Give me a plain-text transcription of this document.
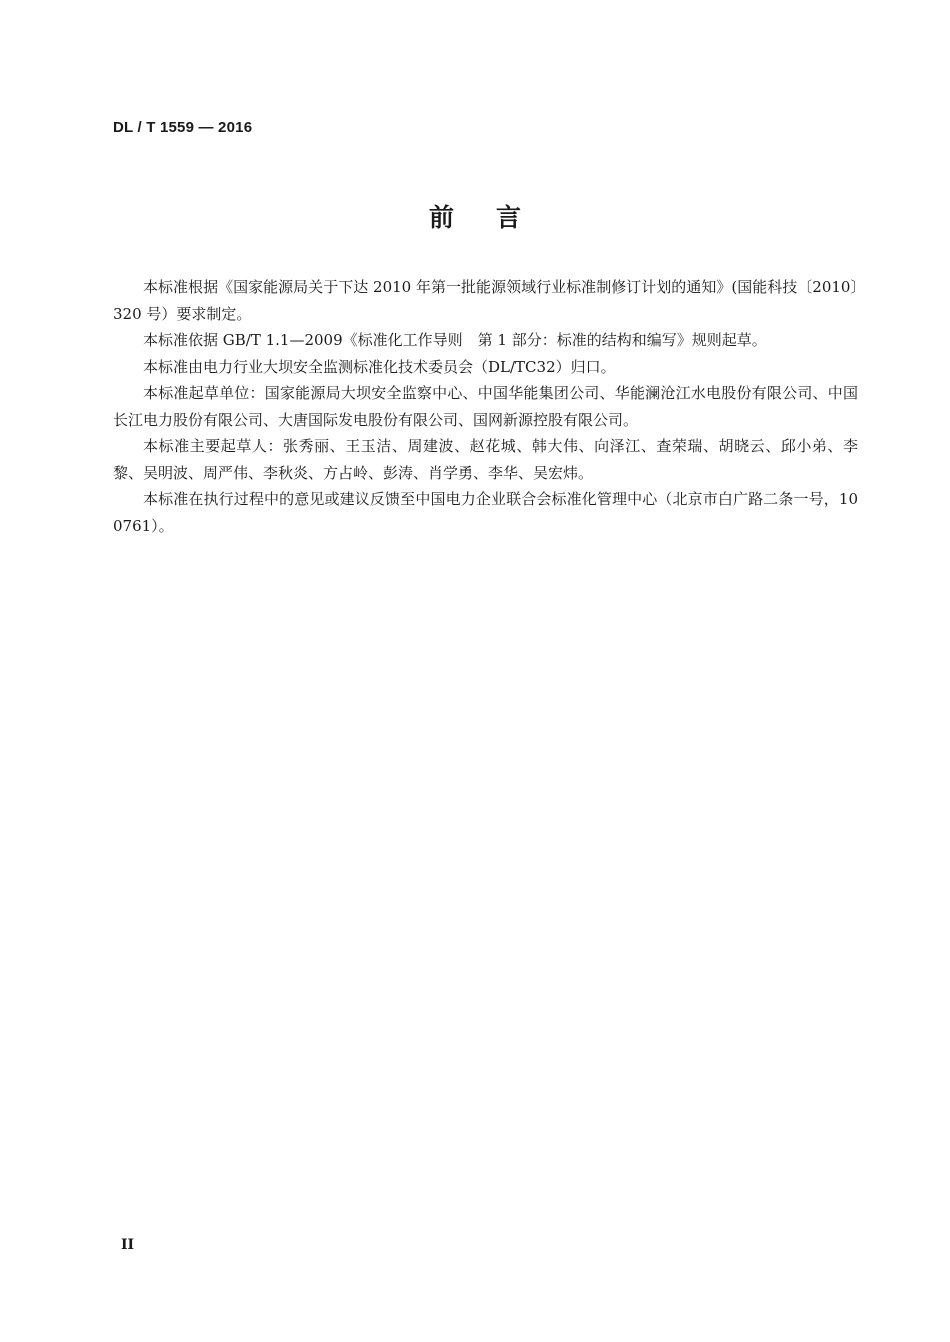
DL / T 1559 — 2016
前言

本标准根据《国家能源局关于下达 2010 年第一批能源领域行业标准制修订计划的通知》(国能科技〔2010〕320 号）要求制定。

本标准依据 GB/T 1.1—2009《标准化工作导则　第 1 部分：标准的结构和编写》规则起草。

本标准由电力行业大坝安全监测标准化技术委员会（DL/TC32）归口。

本标准起草单位：国家能源局大坝安全监察中心、中国华能集团公司、华能澜沧江水电股份有限公司、中国长江电力股份有限公司、大唐国际发电股份有限公司、国网新源控股有限公司。

本标准主要起草人：张秀丽、王玉洁、周建波、赵花城、韩大伟、向泽江、查荣瑞、胡晓云、邱小弟、李黎、吴明波、周严伟、李秋炎、方占岭、彭涛、肖学勇、李华、吴宏炜。

本标准在执行过程中的意见或建议反馈至中国电力企业联合会标准化管理中心（北京市白广路二条一号，100761）。

II
